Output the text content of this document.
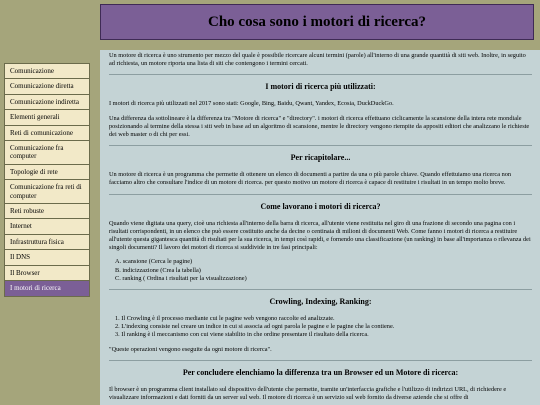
Cho cosa sono i motori di ricerca?
Comunicazione
Comunicazione diretta
Comunicazione indiretta
Elementi generali
Reti di comunicazione
Comunicazione fra computer
Topologie di rete
Comunicazione fra reti di computer
Reti robuste
Internet
Infrastruttura fisica
Il DNS
Il Browser
I motori di ricerca

Un motore di ricerca è uno strumento per mezzo del quale è possibile ricercare alcuni termini (parole) all'interno di una grande quantità di siti web. Inoltre, in seguito ad richiesta, un motore riporta una lista di siti che contengono i termini cercati.

I motori di ricerca più utilizzati:

I motori di ricerca più utilizzati nel 2017 sono stati: Google, Bing, Baidu, Qwant, Yandex, Ecosia, DuckDuckGo.

Una differenza da sottolineare è la differenza tra "Motore di ricerca" e "directory". i motori di ricerca effettuano ciclicamente la scansione della intera rete mondiale posizionando al termine della stessa i siti web in base ad un algoritmo di scansione, mentre le directory vengono riempite da appositi editori che analizzano le richieste dei web master o di chi per essi.

Per ricapitolare...

Un motore di ricerca è un programma che permette di ottenere un elenco di documenti a partire da una o più parole chiave. Quando effettuiamo una ricerca non facciamo altro che consultare l'indice di un motore di ricerca. per questo motivo un motore di ricerca è capace di restituire i risultati in un tempo molto breve.

Come lavorano i motori di ricerca?

Quando viene digitata una query, cioè una richiesta all'interno della barra di ricerca, all'utente viene restituita nel giro di una frazione di secondo una pagina con i risultati corrispondenti, in un elenco che può essere costituito anche da decine o centinaia di milioni di documenti Web. Come fanno i motori di ricerca a restituire all'utente questa gigantesca quantità di risultati per la sua ricerca, in tempi così rapidi, e fornendo una classificazione (un ranking) in base all'importanza o rilevanza dei singoli documenti? Il lavoro dei motori di ricerca si suddivide in tre fasi principali:

A. scansione (Cerca le pagine)
B. indicizzazione (Crea la tabella)
C. ranking ( Ordina i risultati per la visualizzazione)
Crowling, Indexing, Ranking:
1. Il Crowling è il processo mediante cui le pagine web vengono raccolte ed analizzate.
2. L'indexing consiste nel creare un indice in cui si associa ad ogni parola le pagine e le pagine che la contiene.
3. Il ranking è il meccanismo con cui viene stabilito in che ordine presentare il risultato della ricerca.

"Queste operazioni vengono eseguite da ogni motore di ricerca".

Per concludere elenchiamo la differenza tra un Browser ed un Motore di ricerca:

Il browser è un programma client installato sul dispositivo dell'utente che permette, tramite un'interfaccia grafiche e l'utilizzo di indirizzi URL, di richiedere e visualizzare informazioni e dati forniti da un server sul web. Il motore di ricerca è un servizio sul web fornito da diverse aziende che si offre di
